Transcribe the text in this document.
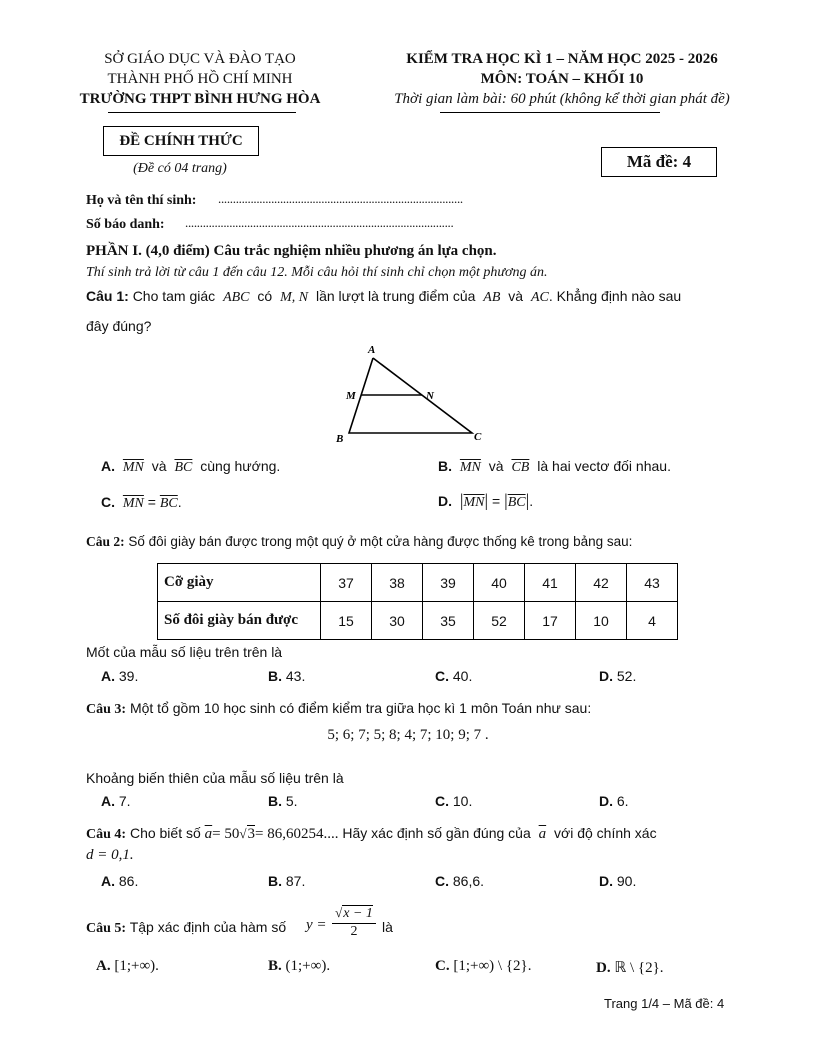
SỞ GIÁO DỤC VÀ ĐÀO TẠO
THÀNH PHỐ HỒ CHÍ MINH
TRƯỜNG THPT BÌNH HƯNG HÒA
KIỂM TRA HỌC KÌ 1 – NĂM HỌC 2025 - 2026
MÔN: TOÁN – KHỐI 10
Thời gian làm bài: 60 phút (không kể thời gian phát đề)
ĐỀ CHÍNH THỨC
(Đề có 04 trang)	Mã đề: 4
Họ và tên thí sinh: ...................................................................................
Số báo danh: ...........................................................................................
PHẦN I. (4,0 điểm) Câu trắc nghiệm nhiều phương án lựa chọn.
Thí sinh trả lời từ câu 1 đến câu 12. Mỗi câu hỏi thí sinh chỉ chọn một phương án.
Câu 1: Cho tam giác ABC có M, N lần lượt là trung điểm của AB và AC. Khẳng định nào sau
đây đúng?
A
M	N
B	C
A. $\overline{MN}$ và $\overline{BC}$ cùng hướng.	B. $\overline{MN}$ và $\overline{CB}$ là hai vectơ đối nhau.
C. $\overline{MN} = \overline{BC}$.	D. $|\overline{MN}| = |\overline{BC}|$.
Câu 2: Số đôi giày bán được trong một quý ở một cửa hàng được thống kê trong bảng sau:
Cỡ giày	37	38	39	40	41	42	43
Số đôi giày bán được	15	30	35	52	17	10	4
Mốt của mẫu số liệu trên trên là
A. 39.	B. 43.	C. 40.	D. 52.
Câu 3: Một tổ gồm 10 học sinh có điểm kiểm tra giữa học kì 1 môn Toán như sau:
5; 6; 7; 5; 8; 4; 7; 10; 9; 7 .
Khoảng biến thiên của mẫu số liệu trên là
A. 7.	B. 5.	C. 10.	D. 6.
Câu 4: Cho biết số $\overline{a}= 50√3= 86,60254$.... Hãy xác định số gần đúng của $\overline{a}$ với độ chính xác
d = 0,1.
A. 86.	B. 87.	C. 86,6.	D. 90.
Câu 5: Tập xác định của hàm số y =
√x − 1
2	là
A. [1;+∞).	B. (1;+∞).	C. [1;+∞) \ {2}.	D. ℝ \ {2}.
Trang 1/4 – Mã đề: 4
